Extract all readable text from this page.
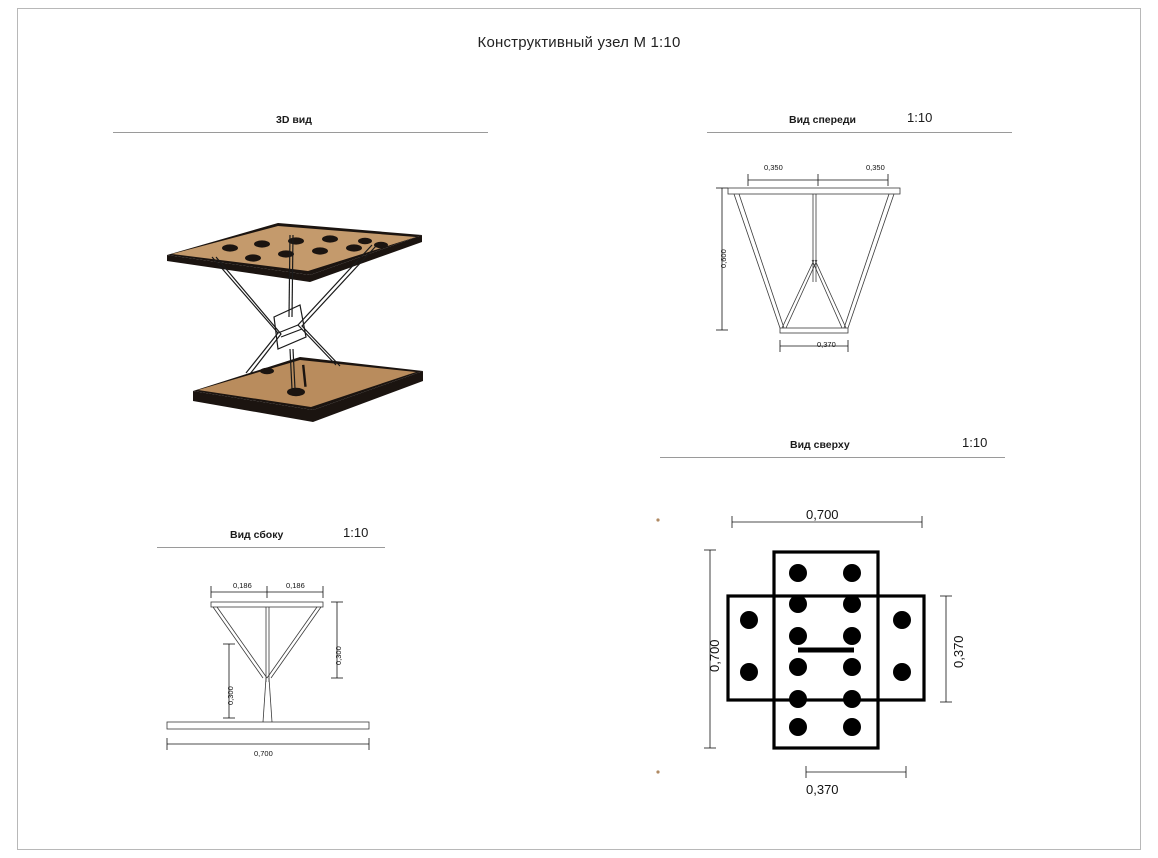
Конструктивный узел М 1:10
3D вид	Вид спереди	1:10
0,350	0,350
0,600
0,370
Вид сверху	1:10
0,700
0,700	0,370
0,370
Вид сбоку	1:10
0,186	0,186
0,300
0,300
0,700
